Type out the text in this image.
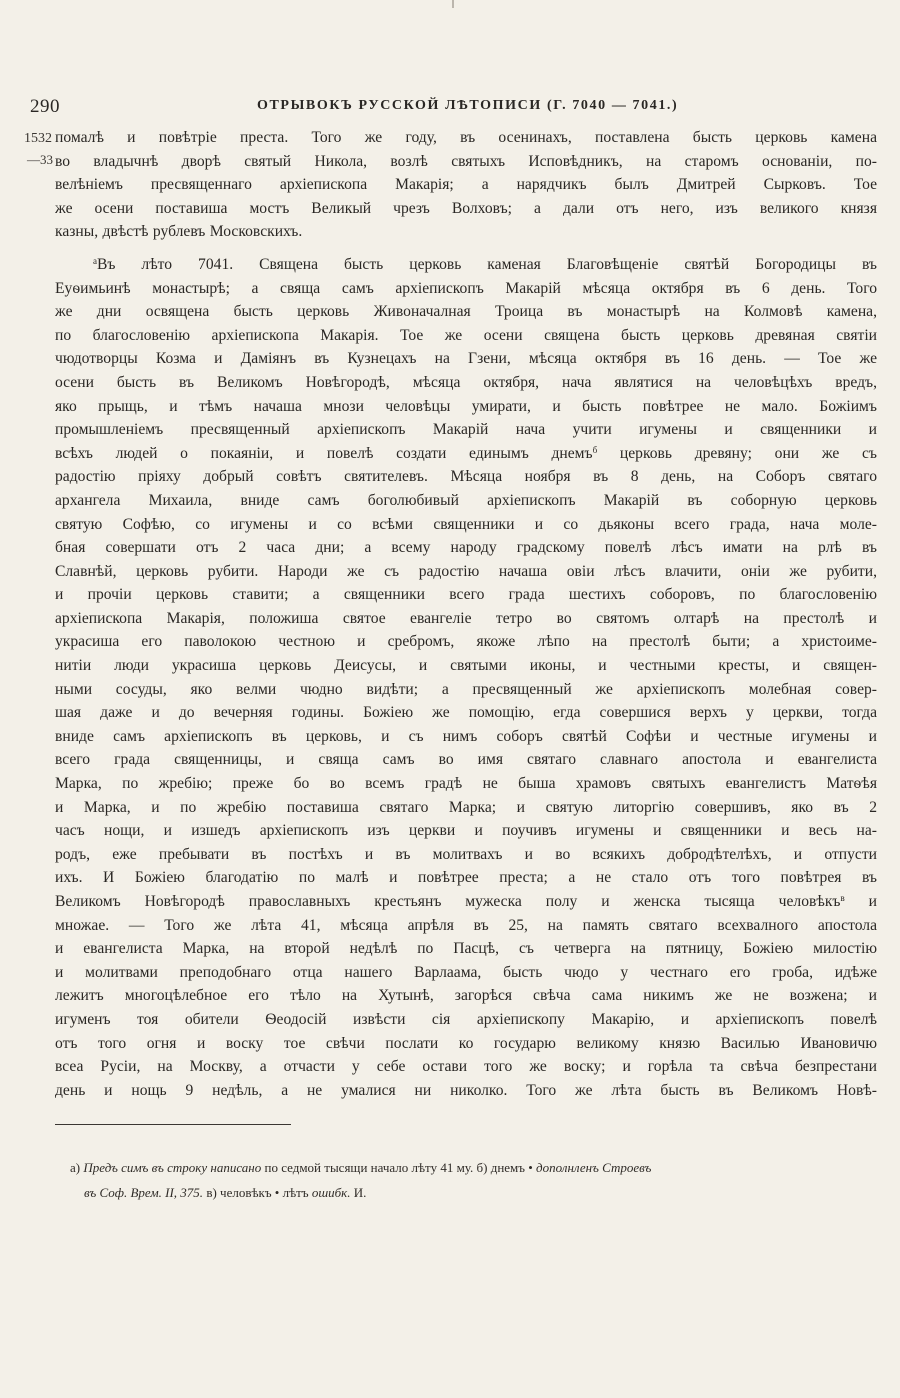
290	ОТРЫВОКЪ РУССКОЙ ЛѢТОПИСИ (Г. 7040 — 7041.)
1532
—33
помалѣ и повѣтріе преста. Того же году, въ осенинахъ, поставлена бысть церковь камена
во владычнѣ дворѣ святый Никола, возлѣ святыхъ Исповѣдникъ, на старомъ основаніи, по-
велѣніемъ пресвященнаго архіепископа Макарія; а нарядчикъ былъ Дмитрей Сырковъ. Тое
же осени поставиша мостъ Великый чрезъ Волховъ; а дали отъ него, изъ великого князя
казны, двѣстѣ рублевъ Московскихъ.
$^а$Въ лѣто 7041. Священа бысть церковь каменая Благовѣщеніе святѣй Богородицы въ
Еуѳимьинѣ монастырѣ; а свяща самъ архіепископъ Макарій мѣсяца октября въ 6 день. Того
же дни освящена бысть церковь Живоначалная Троица въ монастырѣ на Колмовѣ камена,
по благословенію архіепископа Макарія. Тое же осени священа бысть церковь древяная святіи
чюдотворцы Козма и Даміянъ въ Кузнецахъ на Гзени, мѣсяца октября въ 16 день. — Тое же
осени бысть въ Великомъ Новѣгородѣ, мѣсяца октября, нача являтися на человѣцѣхъ вредъ,
яко прыщь, и тѣмъ начаша мнози человѣцы умирати, и бысть повѣтрее не мало. Божіимъ
промышленіемъ пресвященный архіепископъ Макарій нача учити игумены и священники и
всѣхъ людей о покаяніи, и повелѣ создати единымъ днемъ$^б$ церковь древяну; они же съ
радостію пріяху добрый совѣтъ святителевъ. Мѣсяца ноября въ 8 день, на Соборъ святаго
архангела Михаила, вниде самъ боголюбивый архіепископъ Макарій въ соборную церковь
святую Софѣю, со игумены и со всѣми священники и со дьяконы всего града, нача моле-
бная совершати отъ 2 часа дни; а всему народу градскому повелѣ лѣсъ имати на рлѣ въ
Славнѣй, церковь рубити. Народи же съ радостію начаша овіи лѣсъ влачити, оніи же рубити,
и прочіи церковь ставити; а священники всего града шестихъ соборовъ, по благословенію
архіепископа Макарія, положиша святое евангеліе тетро во святомъ олтарѣ на престолѣ и
украсиша его паволокою честною и сребромъ, якоже лѣпо на престолѣ быти; а христоиме-
нитіи люди украсиша церковь Деисусы, и святыми иконы, и честными кресты, и священ-
ными сосуды, яко велми чюдно видѣти; а пресвященный же архіепископъ молебная совер-
шая даже и до вечерняя годины. Божіею же помощію, егда совершися верхъ у церкви, тогда
вниде самъ архіепископъ въ церковь, и съ нимъ соборъ святѣй Софѣи и честные игумены и
всего града священницы, и свяща самъ во имя святаго славнаго апостола и евангелиста
Марка, по жребію; преже бо во всемъ градѣ не быша храмовъ святыхъ евангелистъ Матѳѣя
и Марка, и по жребію поставиша святаго Марка; и святую литоргію совершивъ, яко въ 2
часъ нощи, и изшедъ архіепископъ изъ церкви и поучивъ игумены и священники и весь на-
родъ, еже пребывати въ постѣхъ и въ молитвахъ и во всякихъ добродѣтелѣхъ, и отпусти
ихъ. И Божіею благодатію по малѣ и повѣтрее преста; а не стало отъ того повѣтрея въ
Великомъ Новѣгородѣ православныхъ крестьянъ мужеска полу и женска тысяща человѣкъ$^в$ и
множае. — Того же лѣта 41, мѣсяца апрѣля въ 25, на память святаго всехвалного апостола
и евангелиста Марка, на второй недѣлѣ по Пасцѣ, съ четверга на пятницу, Божіею милостію
и молитвами преподобнаго отца нашего Варлаама, бысть чюдо у честнаго его гроба, идѣже
лежитъ многоцѣлебное его тѣло на Хутынѣ, загорѣся свѣча сама никимъ же не возжена; и
игуменъ тоя обители Ѳеодосій извѣсти сія архіепископу Макарію, и архіепископъ повелѣ
отъ того огня и воску тое свѣчи послати ко государю великому князю Василью Ивановичю
всеа Русіи, на Москву, а отчасти у себе остави того же воску; и горѣла та свѣча безпрестани
день и нощь 9 недѣль, а не умалися ни николко. Того же лѣта бысть въ Великомъ Новѣ-
а) Предъ симъ въ строку написано по седмой тысящи начало лѣту 41 му. б) днемъ • дополнленъ Строевъ
въ Соф. Врем. II, 375. в) человѣкъ • лѣтъ ошибк. И.
